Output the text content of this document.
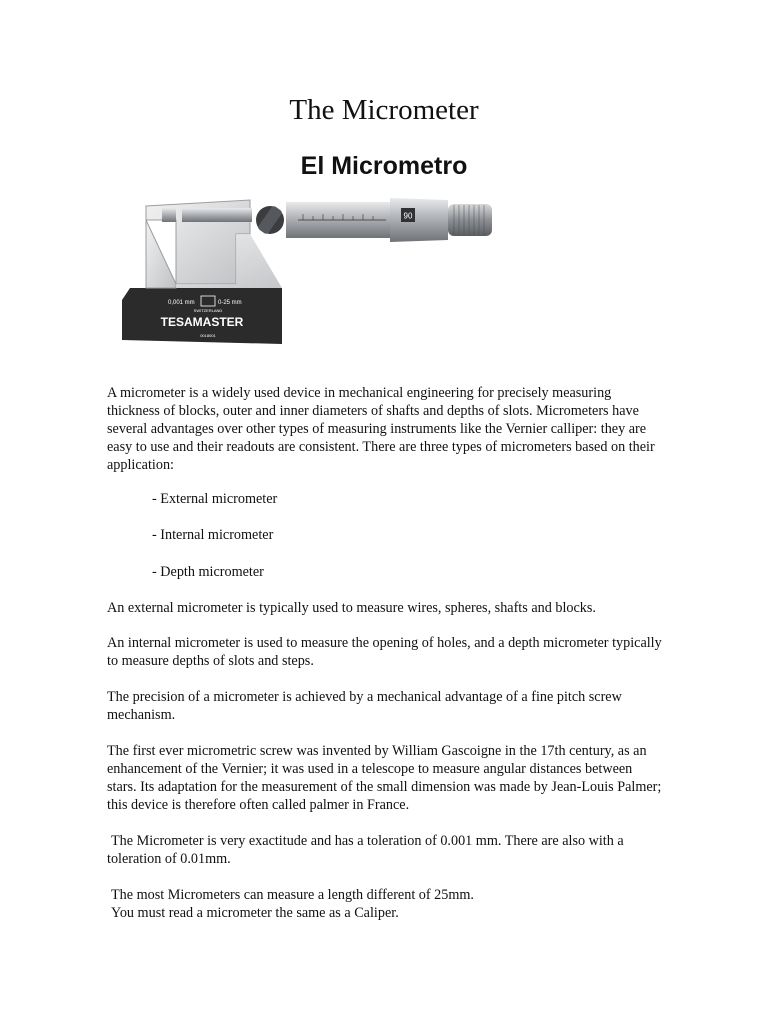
The Micrometer
El Micrometro
90
0,001 mm	0-25 mm
SWITZERLAND
TESAMASTER
0018001

A micrometer is a widely used device in mechanical engineering for precisely measuring thickness of blocks, outer and inner diameters of shafts and depths of slots. Micrometers have several advantages over other types of measuring instruments like the Vernier calliper: they are easy to use and their readouts are consistent. There are three types of micrometers based on their application:

- External micrometer

- Internal micrometer

- Depth micrometer

An external micrometer is typically used to measure wires, spheres, shafts and blocks.

An internal micrometer is used to measure the opening of holes, and a depth micrometer typically to measure depths of slots and steps.

The precision of a micrometer is achieved by a mechanical advantage of a fine pitch screw mechanism.

The first ever micrometric screw was invented by William Gascoigne in the 17th century, as an enhancement of the Vernier; it was used in a telescope to measure angular distances between stars. Its adaptation for the measurement of the small dimension was made by Jean-Louis Palmer; this device is therefore often called palmer in France.

The Micrometer is very exactitude and has a toleration of 0.001 mm. There are also with a toleration of 0.01mm.

The most Micrometers can measure a length different of 25mm.

You must read a micrometer the same as a Caliper.
